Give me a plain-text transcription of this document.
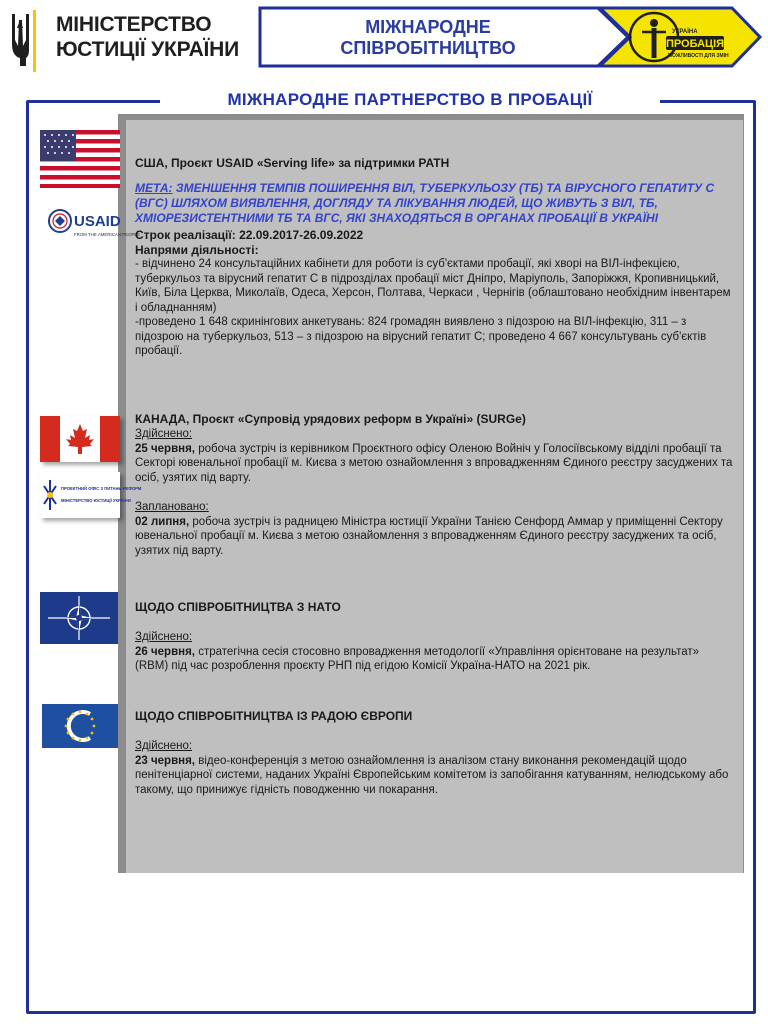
МІНІСТЕРСТВО
ЮСТИЦІЇ УКРАЇНИ	ПРОБАЦІЯ
УКРАЇНА
МОЖЛИВОСТІ ДЛЯ ЗМІН
МІЖНАРОДНЕ
СПІВРОБІТНИЦТВО
МІЖНАРОДНЕ ПАРТНЕРСТВО В ПРОБАЦІЇ
USAID
FROM THE AMERICAN PEOPLE
ПРОЕКТНИЙ ОФІС З ПИТАНЬ РЕФОРМ
МІНІСТЕРСТВО ЮСТИЦІЇ УКРАЇНИ
США, Проєкт USAID «Serving life» за підтримки PATH
МЕТА: ЗМЕНШЕННЯ ТЕМПІВ ПОШИРЕННЯ ВІЛ, ТУБЕРКУЛЬОЗУ (ТБ) ТА ВІРУСНОГО ГЕПАТИТУ С (ВГС) ШЛЯХОМ ВИЯВЛЕННЯ, ДОГЛЯДУ ТА ЛІКУВАННЯ ЛЮДЕЙ, ЩО ЖИВУТЬ З ВІЛ, ТБ, ХМІОРЕЗИСТЕНТНИМИ ТБ ТА ВГС, ЯКІ ЗНАХОДЯТЬСЯ В ОРГАНАХ ПРОБАЦІЇ В УКРАЇНІ
Строк реалізації: 22.09.2017-26.09.2022
Напрями діяльності:
- відчинено 24 консультаційних кабінети для роботи із суб'єктами пробації, які хворі на ВІЛ-інфекцією, туберкульоз та вірусний гепатит С в підрозділах пробації міст Дніпро, Маріуполь, Запоріжжя, Кропивницький, Київ, Біла Церква, Миколаїв, Одеса, Херсон, Полтава, Черкаси , Чернігів (облаштовано необхідним інвентарем і обладнанням)
-проведено 1 648 скринінгових анкетувань: 824 громадян виявлено з підозрою на ВІЛ-інфекцію, 311 – з підозрою на туберкульоз, 513 – з підозрою на вірусний гепатит С; проведено 4 667 консультувань суб'єктів пробації.
КАНАДА, Проєкт «Супровід урядових реформ в Україні» (SURGe)
Здійснено:
25 червня, робоча зустріч із керівником Проєктного офісу Оленою Войніч у Голосіївському відділі пробації та Секторі ювенальної пробації м. Києва з метою ознайомлення з впровадженням Єдиного реєстру засуджених та осіб, узятих під варту.
Заплановано:
02 липня, робоча зустріч із радницею Міністра юстиції України Танією Сенфорд Аммар у приміщенні Сектору ювенальної пробації м. Києва з метою ознайомлення з впровадженням Єдиного реєстру засуджених та осіб, узятих під варту.
ЩОДО СПІВРОБІТНИЦТВА З НАТО
Здійснено:
26 червня, стратегічна сесія стосовно впровадження методології «Управління орієнтоване на результат» (RBM) під час розроблення проєкту РНП під егідою Комісії Україна-НАТО на 2021 рік.
ЩОДО СПІВРОБІТНИЦТВА ІЗ РАДОЮ ЄВРОПИ
Здійснено:
23 червня, відео-конференція з метою ознайомлення із аналізом стану виконання рекомендацій щодо пенітенціарної системи, наданих Україні Європейським комітетом із запобігання катуванням, нелюдському або такому, що принижує гідність поводженню чи покарання.
